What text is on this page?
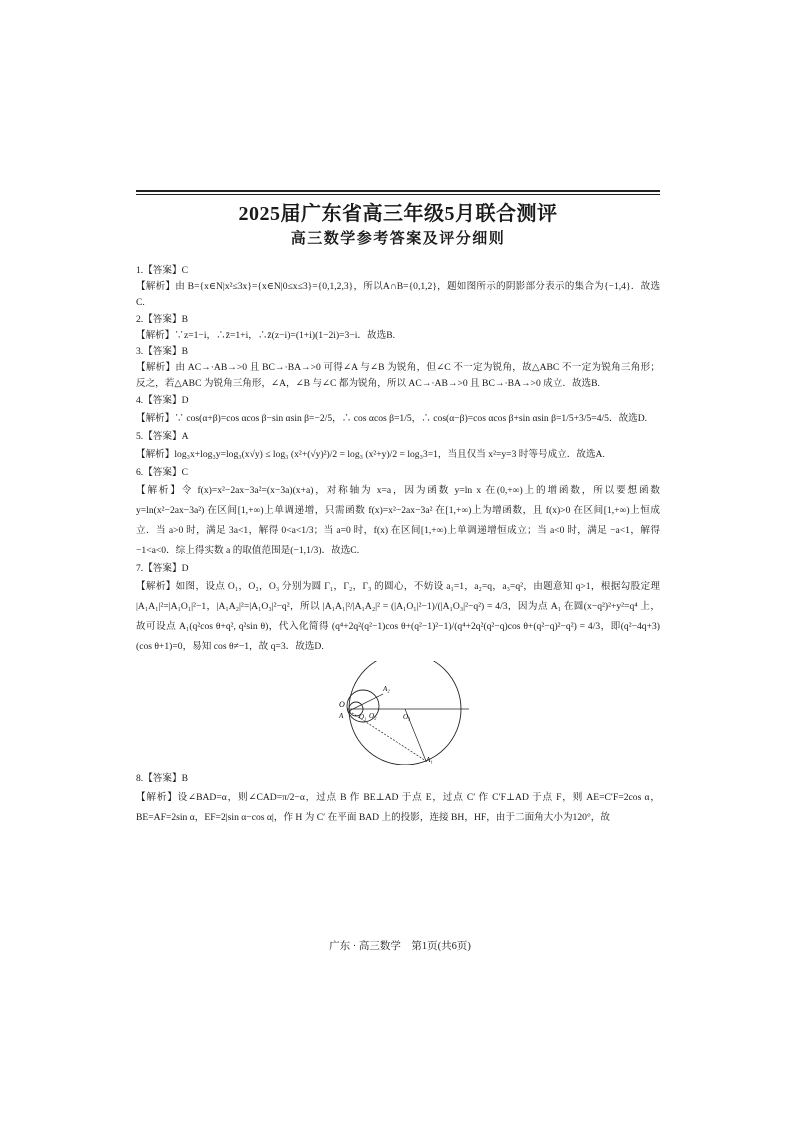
2025届广东省高三年级5月联合测评
高三数学参考答案及评分细则

1.【答案】C

【解析】由 B={x∈N|x²≤3x}={x∈N|0≤x≤3}={0,1,2,3}，所以A∩B={0,1,2}，题如图所示的阴影部分表示的集合为{−1,4}．故选C.

2.【答案】B

【解析】∵z=1−i，∴z̄=1+i，∴z̄(z−i)=(1+i)(1−2i)=3−i．故选B.

3.【答案】B

【解析】由 AC→·AB→>0 且 BC→·BA→>0 可得∠A 与∠B 为锐角，但∠C 不一定为锐角，故△ABC 不一定为锐角三角形；反之，若△ABC 为锐角三角形，∠A，∠B 与∠C 都为锐角，所以 AC→·AB→>0 且 BC→·BA→>0 成立．故选B.

4.【答案】D

【解析】∵ cos(α+β)=cos αcos β−sin αsin β=−2/5，∴ cos αcos β=1/5，∴ cos(α−β)=cos αcos β+sin αsin β=1/5+3/5=4/5．故选D.

5.【答案】A

【解析】log₃x+log₃y=log₃(x√y) ≤ log₃ (x²+(√y)²)/2 = log₃ (x²+y)/2 = log₃3=1，当且仅当 x²=y=3 时等号成立．故选A.

6.【答案】C

【解析】令 f(x)=x²−2ax−3a²=(x−3a)(x+a)，对称轴为 x=a，因为函数 y=ln x 在(0,+∞)上的增函数，所以要想函数 y=ln(x²−2ax−3a²) 在区间[1,+∞)上单调递增，只需函数 f(x)=x²−2ax−3a² 在[1,+∞)上为增函数，且 f(x)>0 在区间[1,+∞)上恒成立．当 a>0 时，满足 3a<1，解得 0<a<1/3；当 a=0 时，f(x) 在区间[1,+∞)上单调递增恒成立；当 a<0 时，满足 −a<1，解得 −1<a<0．综上得实数 a 的取值范围是(−1,1/3)．故选C.

7.【答案】D

【解析】如图，设点 O₁，O₂，O₃ 分别为圆 Γ₁，Γ₂，Γ₃ 的圆心，不妨设 a₁=1，a₂=q，a₃=q²，由题意知 q>1，根据勾股定理 |A₁A₁|²=|A₁O₁|²−1，|A₁A₂|²=|A₁O₃|²−q²，所以 |A₁A₁|²/|A₁A₂|² = (|A₁O₁|²−1)/(|A₁O₃|²−q²) = 4/3，因为点 A₁ 在圆(x−q²)²+y²=q⁴ 上，故可设点 A₁(q²cos θ+q², q²sin θ)，代入化简得 (q⁴+2q²(q²−1)cos θ+(q²−1)²−1)/(q⁴+2q²(q²−q)cos θ+(q²−q)²−q²) = 4/3，即(q²−4q+3)(cos θ+1)=0，易知 cos θ≠−1，故 q=3．故选D.

O
A O₁ O₂	O₃
A₂
A₁

8.【答案】B

【解析】设∠BAD=α，则∠CAD=π/2−α，过点 B 作 BE⊥AD 于点 E，过点 C′ 作 C′F⊥AD 于点 F，则 AE=C′F=2cos α，BE=AF=2sin α，EF=2|sin α−cos α|，作 H 为 C′ 在平面 BAD 上的投影，连接 BH，HF，由于二面角大小为120°，故

广东 · 高三数学　第1页(共6页)
